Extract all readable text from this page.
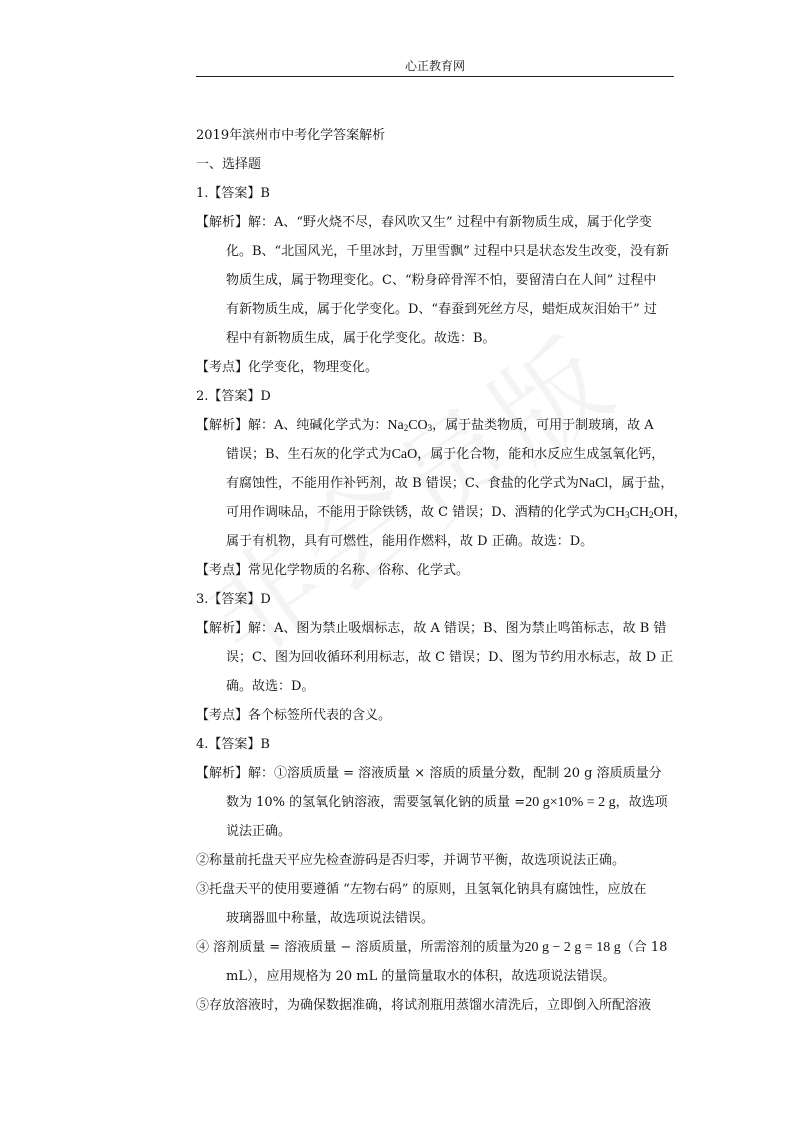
心正教育网
2019年滨州市中考化学答案解析
一、选择题
1.【答案】B
【解析】解：A、“野火烧不尽，春风吹又生” 过程中有新物质生成，属于化学变
化。B、“北国风光，千里冰封，万里雪飘” 过程中只是状态发生改变，没有新
物质生成，属于物理变化。C、“粉身碎骨浑不怕，要留清白在人间” 过程中
有新物质生成，属于化学变化。D、“春蚕到死丝方尽，蜡炬成灰泪始干” 过
程中有新物质生成，属于化学变化。故选：B。
【考点】化学变化，物理变化。
2.【答案】D
【解析】解：A、纯碱化学式为：$Na_2CO_3$，属于盐类物质，可用于制玻璃，故 A
错误；B、生石灰的化学式为CaO，属于化合物，能和水反应生成氢氧化钙，
有腐蚀性，不能用作补钙剂，故 B 错误；C、食盐的化学式为NaCl，属于盐，
可用作调味品，不能用于除铁锈，故 C 错误；D、酒精的化学式为$CH_3CH_2OH$，
属于有机物，具有可燃性，能用作燃料，故 D 正确。故选：D。
【考点】常见化学物质的名称、俗称、化学式。
3.【答案】D
【解析】解：A、图为禁止吸烟标志，故 A 错误；B、图为禁止鸣笛标志，故 B 错
误；C、图为回收循环利用标志，故 C 错误；D、图为节约用水标志，故 D 正
确。故选：D。
【考点】各个标签所代表的含义。
4.【答案】B
【解析】解：①溶质质量 = 溶液质量 × 溶质的质量分数，配制 20 g 溶质质量分
数为 10% 的氢氧化钠溶液，需要氢氧化钠的质量 =20 g×10% = 2 g，故选项
说法正确。
②称量前托盘天平应先检查游码是否归零，并调节平衡，故选项说法正确。
③托盘天平的使用要遵循 “左物右码” 的原则，且氢氧化钠具有腐蚀性，应放在
玻璃器皿中称量，故选项说法错误。
④ 溶剂质量 = 溶液质量 − 溶质质量，所需溶剂的质量为20 g − 2 g = 18 g（合 18
mL），应用规格为 20 mL 的量筒量取水的体积，故选项说法错误。
⑤存放溶液时，为确保数据准确，将试剂瓶用蒸馏水清洗后，立即倒入所配溶液
